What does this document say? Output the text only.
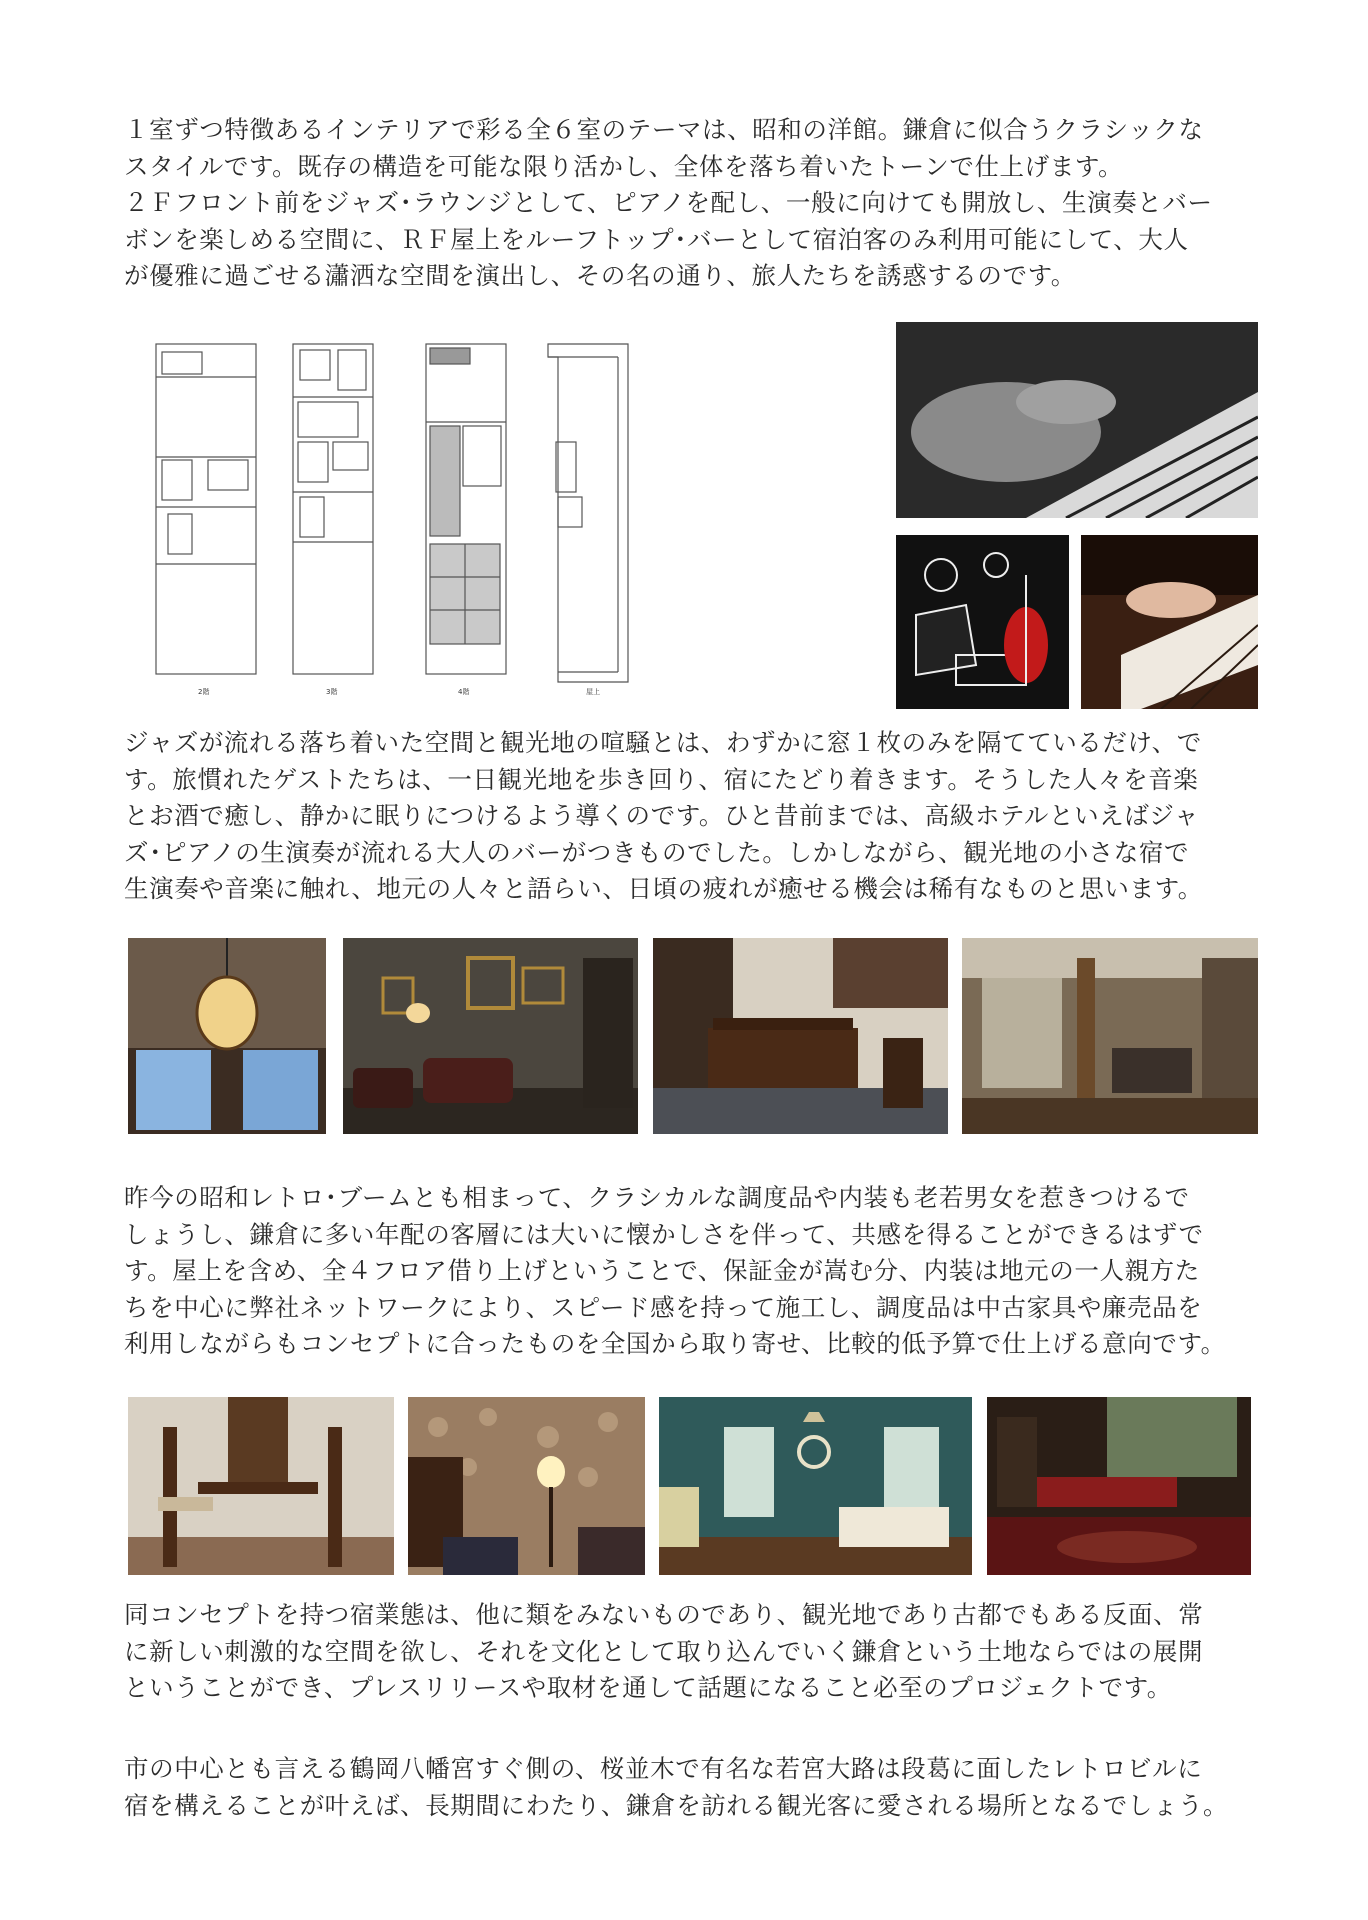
１室ずつ特徴あるインテリアで彩る全６室のテーマは、昭和の洋館。鎌倉に似合うクラシックな
スタイルです。既存の構造を可能な限り活かし、全体を落ち着いたトーンで仕上げます。
２Ｆフロント前をジャズ･ラウンジとして、ピアノを配し、一般に向けても開放し、生演奏とバー
ボンを楽しめる空間に、ＲＦ屋上をルーフトップ･バーとして宿泊客のみ利用可能にして、大人
が優雅に過ごせる瀟洒な空間を演出し、その名の通り、旅人たちを誘惑するのです。
2階	3階	4階	屋上
ジャズが流れる落ち着いた空間と観光地の喧騒とは、わずかに窓１枚のみを隔てているだけ、で
す。旅慣れたゲストたちは、一日観光地を歩き回り、宿にたどり着きます。そうした人々を音楽
とお酒で癒し、静かに眠りにつけるよう導くのです。ひと昔前までは、高級ホテルといえばジャ
ズ･ピアノの生演奏が流れる大人のバーがつきものでした。しかしながら、観光地の小さな宿で
生演奏や音楽に触れ、地元の人々と語らい、日頃の疲れが癒せる機会は稀有なものと思います。
昨今の昭和レトロ･ブームとも相まって、クラシカルな調度品や内装も老若男女を惹きつけるで
しょうし、鎌倉に多い年配の客層には大いに懐かしさを伴って、共感を得ることができるはずで
す。屋上を含め、全４フロア借り上げということで、保証金が嵩む分、内装は地元の一人親方た
ちを中心に弊社ネットワークにより、スピード感を持って施工し、調度品は中古家具や廉売品を
利用しながらもコンセプトに合ったものを全国から取り寄せ、比較的低予算で仕上げる意向です。
同コンセプトを持つ宿業態は、他に類をみないものであり、観光地であり古都でもある反面、常
に新しい刺激的な空間を欲し、それを文化として取り込んでいく鎌倉という土地ならではの展開
ということができ、プレスリリースや取材を通して話題になること必至のプロジェクトです。
市の中心とも言える鶴岡八幡宮すぐ側の、桜並木で有名な若宮大路は段葛に面したレトロビルに
宿を構えることが叶えば、長期間にわたり、鎌倉を訪れる観光客に愛される場所となるでしょう。
